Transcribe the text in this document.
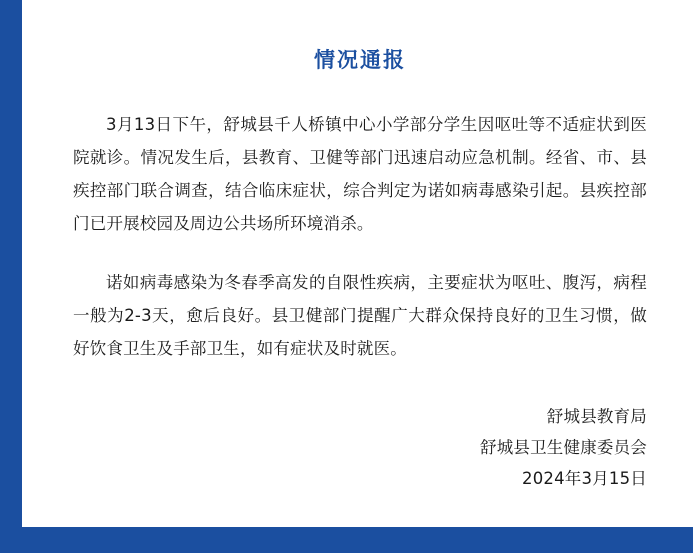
情况通报

3月13日下午，舒城县千人桥镇中心小学部分学生因呕吐等不适症状到医院就诊。情况发生后，县教育、卫健等部门迅速启动应急机制。经省、市、县疾控部门联合调查，结合临床症状，综合判定为诺如病毒感染引起。县疾控部门已开展校园及周边公共场所环境消杀。

诺如病毒感染为冬春季高发的自限性疾病，主要症状为呕吐、腹泻，病程一般为2-3天，愈后良好。县卫健部门提醒广大群众保持良好的卫生习惯，做好饮食卫生及手部卫生，如有症状及时就医。

舒城县教育局
舒城县卫生健康委员会
2024年3月15日
